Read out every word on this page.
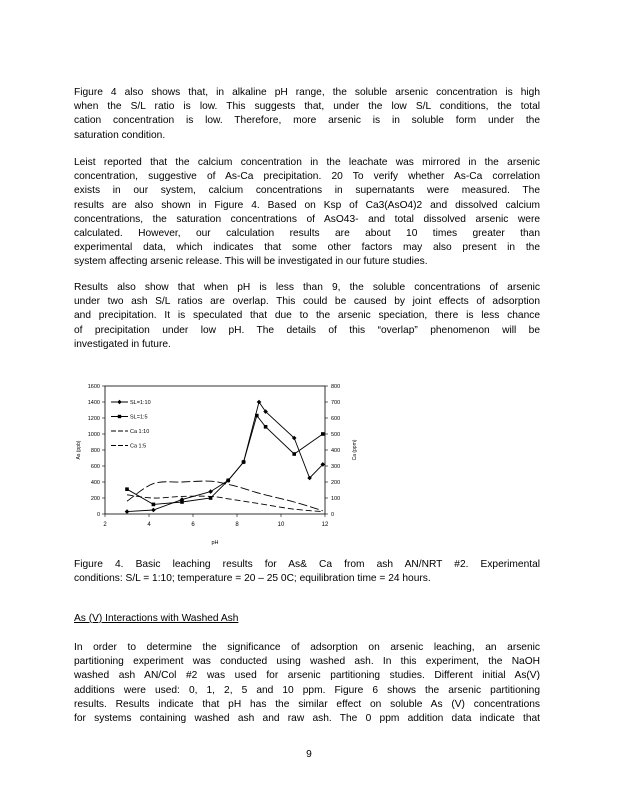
Figure 4 also shows that, in alkaline pH range, the soluble arsenic concentration is high
when the S/L ratio is low. This suggests that, under the low S/L conditions, the total
cation concentration is low. Therefore, more arsenic is in soluble form under the
saturation condition.
Leist reported that the calcium concentration in the leachate was mirrored in the arsenic
concentration, suggestive of As-Ca precipitation. 20 To verify whether As-Ca correlation
exists in our system, calcium concentrations in supernatants were measured. The
results are also shown in Figure 4. Based on Ksp of Ca3(AsO4)2 and dissolved calcium
concentrations, the saturation concentrations of AsO43- and total dissolved arsenic were
calculated. However, our calculation results are about 10 times greater than
experimental data, which indicates that some other factors may also present in the
system affecting arsenic release. This will be investigated in our future studies.
Results also show that when pH is less than 9, the soluble concentrations of arsenic
under two ash S/L ratios are overlap. This could be caused by joint effects of adsorption
and precipitation. It is speculated that due to the arsenic speciation, there is less chance
of precipitation under low pH. The details of this “overlap” phenomenon will be
investigated in future.
2	4	6	8	10	12
0
200
400
600
800
1000
1200
1400
1600
0
100
200
300
400
500
600
700
800
pH
As (ppb)	Ca (ppm)
SL=1:10
SL=1:5
Ca 1:10
Ca 1:5
Figure 4. Basic leaching results for As& Ca from ash AN/NRT #2. Experimental
conditions: S/L = 1:10; temperature = 20 – 25 0C; equilibration time = 24 hours.

As (V) Interactions with Washed Ash

In order to determine the significance of adsorption on arsenic leaching, an arsenic
partitioning experiment was conducted using washed ash. In this experiment, the NaOH
washed ash AN/Col #2 was used for arsenic partitioning studies. Different initial As(V)
additions were used: 0, 1, 2, 5 and 10 ppm. Figure 6 shows the arsenic partitioning
results. Results indicate that pH has the similar effect on soluble As (V) concentrations
for systems containing washed ash and raw ash. The 0 ppm addition data indicate that
9
